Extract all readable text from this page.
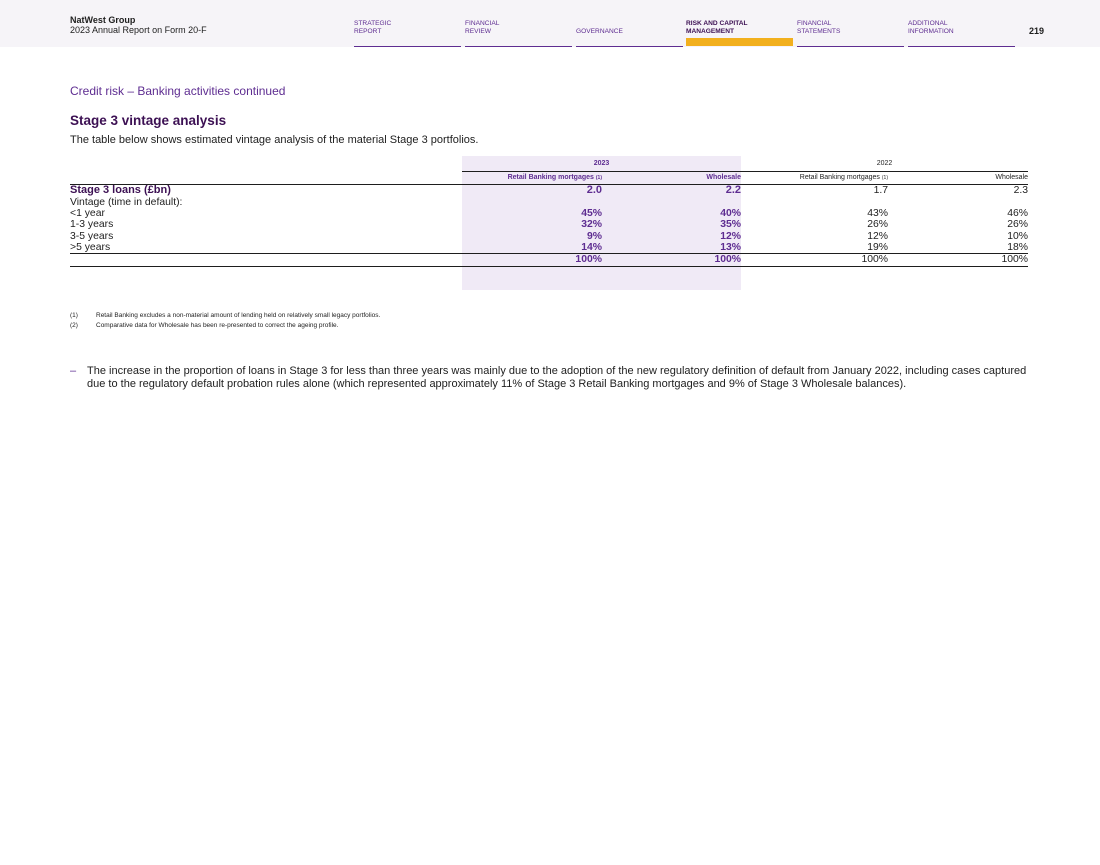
NatWest Group
2023 Annual Report on Form 20-F
STRATEGIC REPORT
FINANCIAL REVIEW	GOVERNANCE
RISK AND CAPITAL MANAGEMENT
FINANCIAL STATEMENTS
ADDITIONAL INFORMATION	219
Credit risk – Banking activities continued
Stage 3 vintage analysis
The table below shows estimated vintage analysis of the material Stage 3 portfolios.
	2023		2022	
	Retail Banking mortgages (1)	Wholesale	Retail Banking mortgages (1)	Wholesale
Stage 3 loans (£bn)	2.0	2.2	1.7	2.3
Vintage (time in default):				
<1 year	45%	40%	43%	46%
1-3 years	32%	35%	26%	26%
3-5 years	9%	12%	12%	10%
>5 years	14%	13%	19%	18%
	100%	100%	100%	100%
(1)	Retail Banking excludes a non-material amount of lending held on relatively small legacy portfolios.
(2)	Comparative data for Wholesale has been re-presented to correct the ageing profile.
– The increase in the proportion of loans in Stage 3 for less than three years was mainly due to the adoption of the new regulatory definition of default from January 2022, including cases captured due to the regulatory default probation rules alone (which represented approximately 11% of Stage 3 Retail Banking mortgages and 9% of Stage 3 Wholesale balances).
